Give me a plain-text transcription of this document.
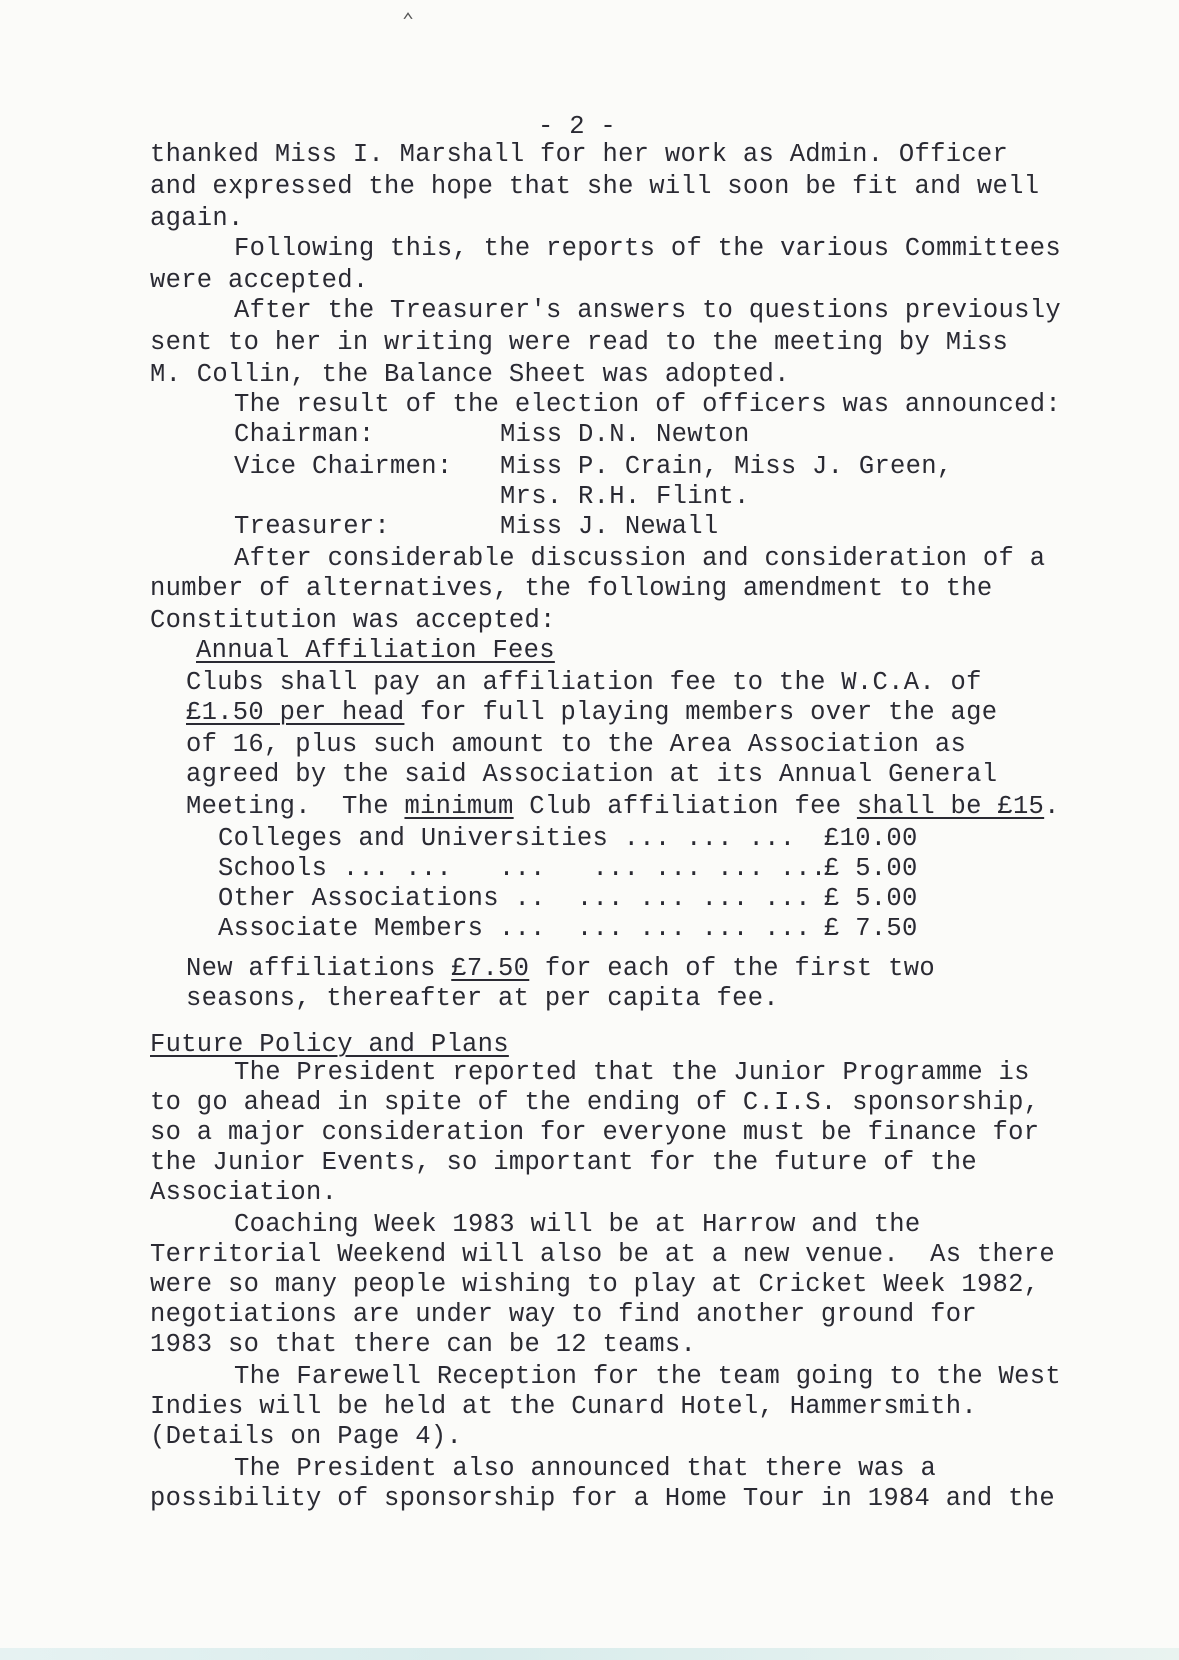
⌃
- 2 -
thanked Miss I. Marshall for her work as Admin. Officer
and expressed the hope that she will soon be fit and well
again.
Following this, the reports of the various Committees
were accepted.
After the Treasurer's answers to questions previously
sent to her in writing were read to the meeting by Miss
M. Collin, the Balance Sheet was adopted.
The result of the election of officers was announced:
Chairman:	Miss D.N. Newton
Vice Chairmen: Miss P. Crain, Miss J. Green,
Mrs. R.H. Flint.
Treasurer:	Miss J. Newall
After considerable discussion and consideration of a
number of alternatives, the following amendment to the
Constitution was accepted:
Annual Affiliation Fees
Clubs shall pay an affiliation fee to the W.C.A. of
£1.50 per head for full playing members over the age
of 16, plus such amount to the Area Association as
agreed by the said Association at its Annual General
Meeting.  The minimum Club affiliation fee shall be £15.
Colleges and Universities ... ... ... £10.00
Schools ... ...   ...   ... ... ... ...
£ 5.00
Other Associations ..  ... ... ... ... £ 5.00
Associate Members ...  ... ... ... ... £ 7.50
New affiliations £7.50 for each of the first two
seasons, thereafter at per capita fee.
Future Policy and Plans
The President reported that the Junior Programme is
to go ahead in spite of the ending of C.I.S. sponsorship,
so a major consideration for everyone must be finance for
the Junior Events, so important for the future of the
Association.
Coaching Week 1983 will be at Harrow and the
Territorial Weekend will also be at a new venue.  As there
were so many people wishing to play at Cricket Week 1982,
negotiations are under way to find another ground for
1983 so that there can be 12 teams.
The Farewell Reception for the team going to the West
Indies will be held at the Cunard Hotel, Hammersmith.
(Details on Page 4).
The President also announced that there was a
possibility of sponsorship for a Home Tour in 1984 and the
